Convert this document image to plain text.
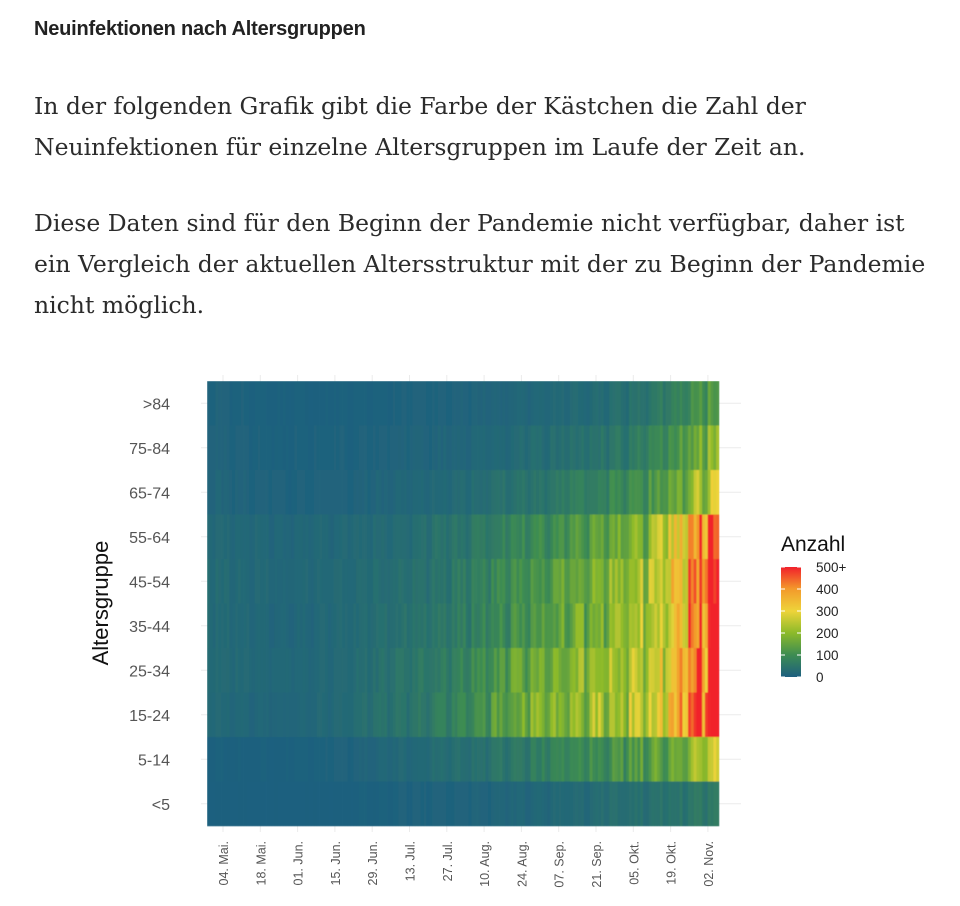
Neuinfektionen nach Altersgruppen

In der folgenden Grafik gibt die Farbe der Kästchen die Zahl der Neuinfektionen für einzelne Altersgruppen im Laufe der Zeit an.

Diese Daten sind für den Beginn der Pandemie nicht verfügbar, daher ist ein Vergleich der aktuellen Altersstruktur mit der zu Beginn der Pandemie nicht möglich.

>84
75-84
65-74
55-64
45-54
35-44
25-34
15-24
5-14
<5
04. Mai. 18. Mai. 01. Jun. 15. Jun. 29. Jun. 13. Jul. 27. Jul. 10. Aug. 24. Aug. 07. Sep. 21. Sep. 05. Okt. 19. Okt. 02. Nov.
Altersgruppe	Anzahl
500+
400
300
200
100
0
